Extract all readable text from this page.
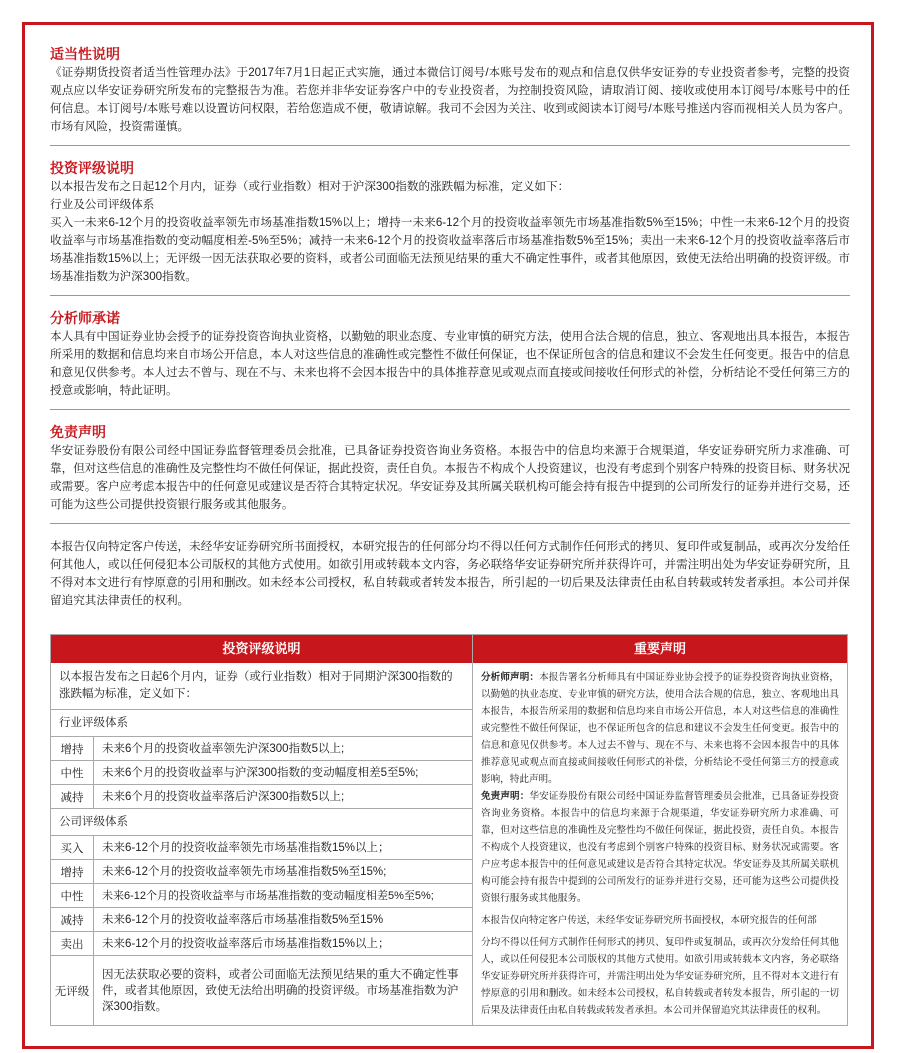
适当性说明

《证券期货投资者适当性管理办法》于2017年7月1日起正式实施，通过本微信订阅号/本账号发布的观点和信息仅供华安证券的专业投资者参考，完整的投资观点应以华安证券研究所发布的完整报告为准。若您并非华安证券客户中的专业投资者，为控制投资风险，请取消订阅、接收或使用本订阅号/本账号中的任何信息。本订阅号/本账号难以设置访问权限，若给您造成不便，敬请谅解。我司不会因为关注、收到或阅读本订阅号/本账号推送内容而视相关人员为客户。市场有风险，投资需谨慎。

投资评级说明

以本报告发布之日起12个月内，证券（或行业指数）相对于沪深300指数的涨跌幅为标准，定义如下：

行业及公司评级体系

买入一未来6-12个月的投资收益率领先市场基准指数15%以上；增持一未来6-12个月的投资收益率领先市场基准指数5%至15%；中性一未来6-12个月的投资收益率与市场基准指数的变动幅度相差-5%至5%；减持一未来6-12个月的投资收益率落后市场基准指数5%至15%；卖出一未来6-12个月的投资收益率落后市场基准指数15%以上；无评级一因无法获取必要的资料，或者公司面临无法预见结果的重大不确定性事件，或者其他原因，致使无法给出明确的投资评级。市场基准指数为沪深300指数。

分析师承诺

本人具有中国证券业协会授予的证券投资咨询执业资格，以勤勉的职业态度、专业审慎的研究方法，使用合法合规的信息，独立、客观地出具本报告，本报告所采用的数据和信息均来自市场公开信息，本人对这些信息的准确性或完整性不做任何保证，也不保证所包含的信息和建议不会发生任何变更。报告中的信息和意见仅供参考。本人过去不曾与、现在不与、未来也将不会因本报告中的具体推荐意见或观点而直接或间接收任何形式的补偿，分析结论不受任何第三方的授意或影响，特此证明。

免责声明

华安证券股份有限公司经中国证券监督管理委员会批准，已具备证券投资咨询业务资格。本报告中的信息均来源于合规渠道，华安证券研究所力求准确、可靠，但对这些信息的准确性及完整性均不做任何保证，据此投资，责任自负。本报告不构成个人投资建议，也没有考虑到个别客户特殊的投资目标、财务状况或需要。客户应考虑本报告中的任何意见或建议是否符合其特定状况。华安证券及其所属关联机构可能会持有报告中提到的公司所发行的证券并进行交易，还可能为这些公司提供投资银行服务或其他服务。

本报告仅向特定客户传送，未经华安证券研究所书面授权，本研究报告的任何部分均不得以任何方式制作任何形式的拷贝、复印件或复制品，或再次分发给任何其他人，或以任何侵犯本公司版权的其他方式使用。如欲引用或转载本文内容，务必联络华安证券研究所并获得许可，并需注明出处为华安证券研究所，且不得对本文进行有悖原意的引用和删改。如未经本公司授权，私自转载或者转发本报告，所引起的一切后果及法律责任由私自转载或转发者承担。本公司并保留追究其法律责任的权利。

投资评级说明
以本报告发布之日起6个月内，证券（或行业指数）相对于同期沪深300指数的涨跌幅为标准，定义如下：
行业评级体系
增持	未来6个月的投资收益率领先沪深300指数5以上;
中性	未来6个月的投资收益率与沪深300指数的变动幅度相差5至5%;
减持	未来6个月的投资收益率落后沪深300指数5以上;
公司评级体系
买入	未来6-12个月的投资收益率领先市场基准指数15%以上；
增持	未来6-12个月的投资收益率领先市场基准指数5%至15%;
中性	未来6-12个月的投资收益率与市场基准指数的变动幅度相差5%至5%;
减持	未来6-12个月的投资收益率落后市场基准指数5%至15%
卖出	未来6-12个月的投资收益率落后市场基准指数15%以上；
无评级
因无法获取必要的资料，或者公司面临无法预见结果的重大不确定性事件，或者其他原因，致使无法给出明确的投资评级。市场基准指数为沪深300指数。
重要声明

分析师声明：本报告署名分析师具有中国证券业协会授予的证券投资咨询执业资格，以勤勉的执业态度、专业审慎的研究方法，使用合法合规的信息，独立、客观地出具本报告，本报告所采用的数据和信息均来自市场公开信息，本人对这些信息的准确性或完整性不做任何保证，也不保证所包含的信息和建议不会发生任何变更。报告中的信息和意见仅供参考。本人过去不曾与、现在不与、未来也将不会因本报告中的具体推荐意见或观点而直接或间接收任何形式的补偿，分析结论不受任何第三方的授意或影响，特此声明。

免责声明：华安证券股份有限公司经中国证券监督管理委员会批准，已具备证券投资咨询业务资格。本报告中的信息均来源于合规渠道，华安证券研究所力求准确、可靠，但对这些信息的准确性及完整性均不做任何保证，据此投资，责任自负。本报告不构成个人投资建议，也没有考虑到个别客户特殊的投资目标、财务状况或需要。客户应考虑本报告中的任何意见或建议是否符合其特定状况。华安证券及其所属关联机构可能会持有报告中提到的公司所发行的证券并进行交易，还可能为这些公司提供投资银行服务或其他服务。

本报告仅向特定客户传送，未经华安证券研究所书面授权，本研究报告的任何部

分均不得以任何方式制作任何形式的拷贝、复印件或复制品，或再次分发给任何其他人，或以任何侵犯本公司版权的其他方式使用。如欲引用或转载本文内容，务必联络华安证券研究所并获得许可，并需注明出处为华安证券研究所，且不得对本文进行有悖原意的引用和删改。如未经本公司授权，私自转载或者转发本报告，所引起的一切后果及法律责任由私自转载或转发者承担。本公司并保留追究其法律责任的权利。
